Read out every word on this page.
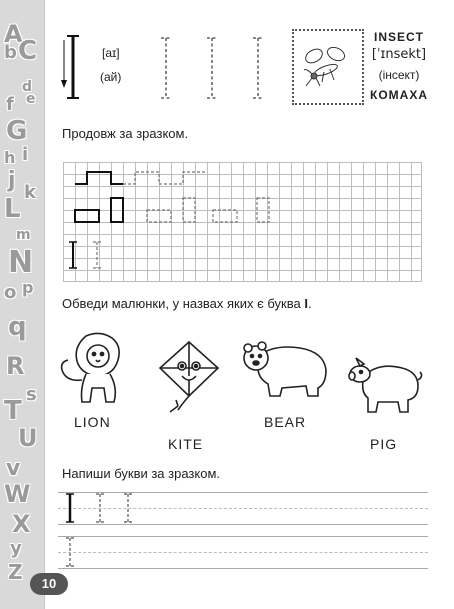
A
b C
d
e
f
G
h i
j k
L
m
N
o p
q
R
s
T
U
v
W
X
y
Z	10
[aɪ]
(ай)
INSECT
[ˈɪnsekt]
(інсект)
КОМАХА
Продовж за зразком.
Обведи малюнки, у назвах яких є буква I.
LION
KITE
BEAR
PIG
Напиши букви за зразком.
